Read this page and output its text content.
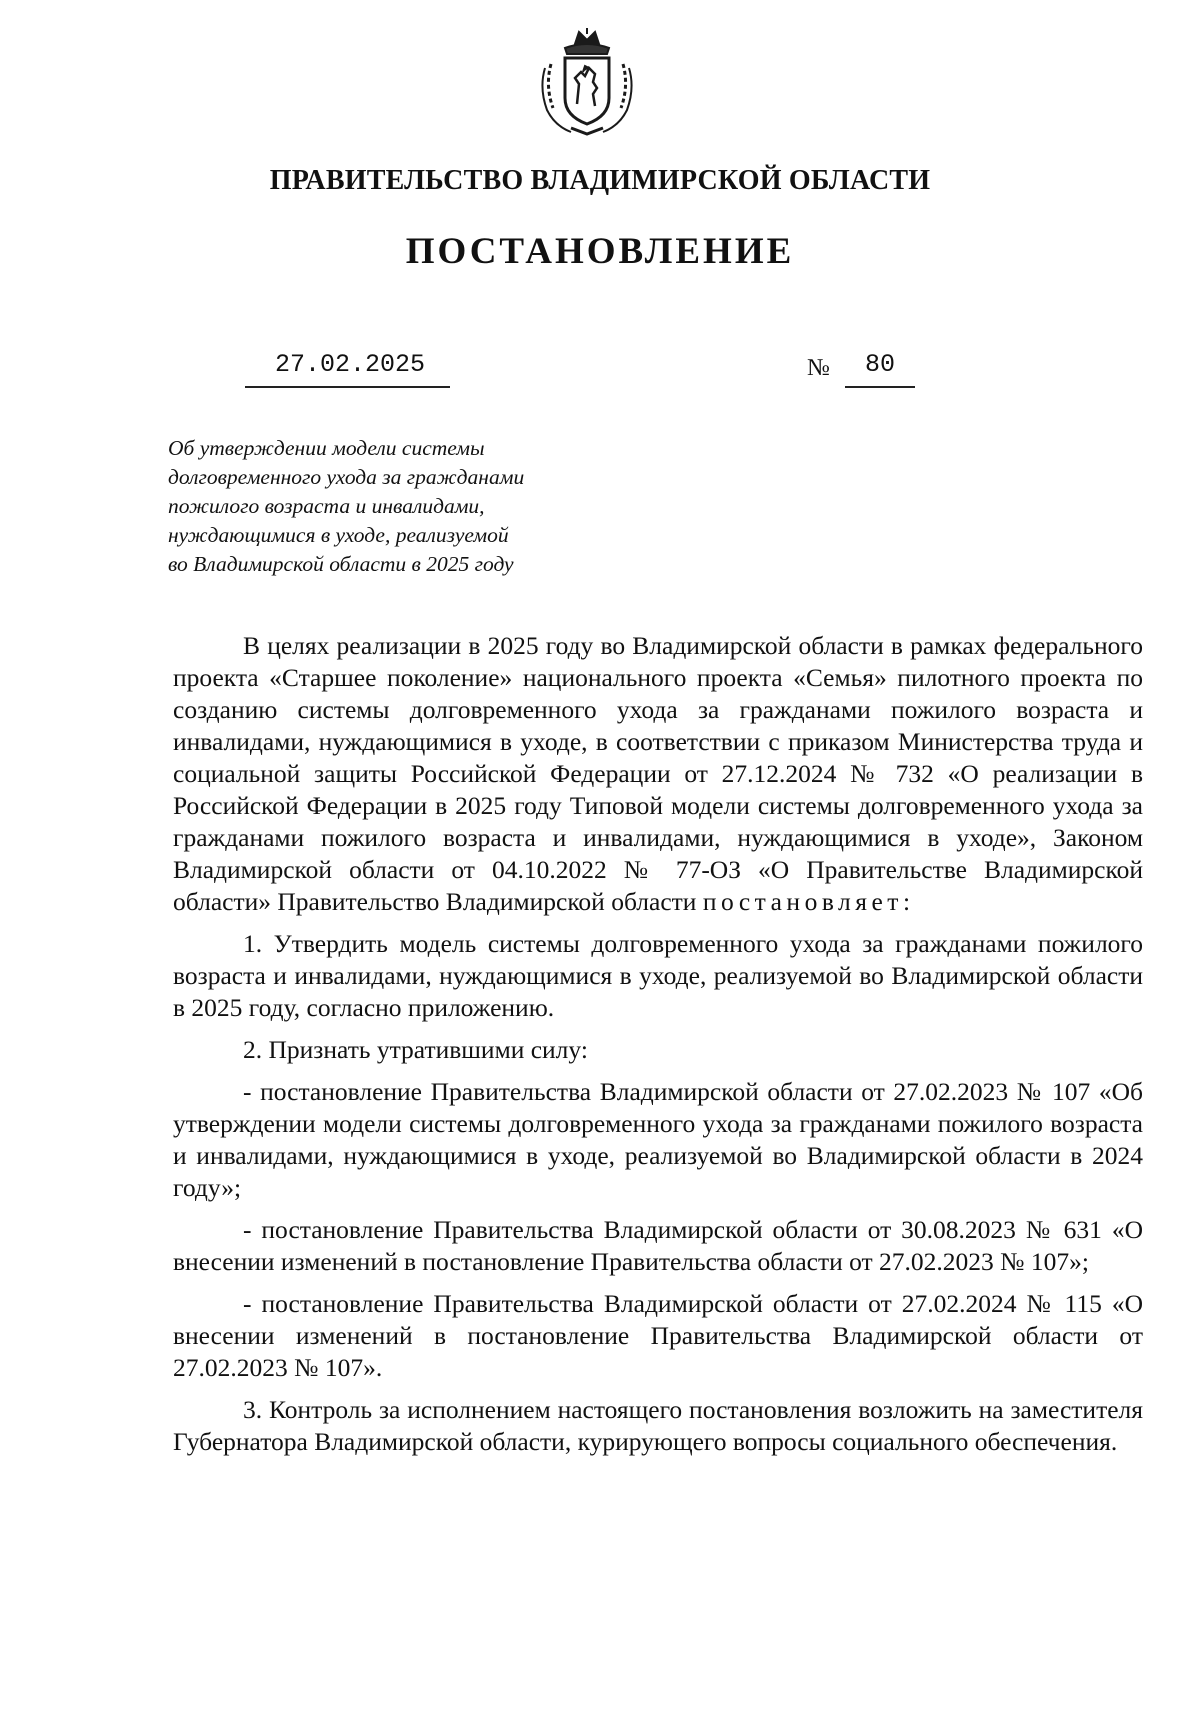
ПРАВИТЕЛЬСТВО ВЛАДИМИРСКОЙ ОБЛАСТИ
ПОСТАНОВЛЕНИЕ
27.02.2025	№	80
Об утверждении модели системы
долговременного ухода за гражданами
пожилого возраста и инвалидами,
нуждающимися в уходе, реализуемой
во Владимирской области в 2025 году

В целях реализации в 2025 году во Владимирской области в рамках федерального проекта «Старшее поколение» национального проекта «Семья» пилотного проекта по созданию системы долговременного ухода за гражданами пожилого возраста и инвалидами, нуждающимися в уходе, в соответствии с приказом Министерства труда и социальной защиты Российской Федерации от 27.12.2024 № 732 «О реализации в Российской Федерации в 2025 году Типовой модели системы долговременного ухода за гражданами пожилого возраста и инвалидами, нуждающимися в уходе», Законом Владимирской области от 04.10.2022 № 77-ОЗ «О Правительстве Владимирской области» Правительство Владимирской области постановляет:

1. Утвердить модель системы долговременного ухода за гражданами пожилого возраста и инвалидами, нуждающимися в уходе, реализуемой во Владимирской области в 2025 году, согласно приложению.

2. Признать утратившими силу:

- постановление Правительства Владимирской области от 27.02.2023 № 107 «Об утверждении модели системы долговременного ухода за гражданами пожилого возраста и инвалидами, нуждающимися в уходе, реализуемой во Владимирской области в 2024 году»;

- постановление Правительства Владимирской области от 30.08.2023 № 631 «О внесении изменений в постановление Правительства области от 27.02.2023 № 107»;

- постановление Правительства Владимирской области от 27.02.2024 № 115 «О внесении изменений в постановление Правительства Владимирской области от 27.02.2023 № 107».

3. Контроль за исполнением настоящего постановления возложить на заместителя Губернатора Владимирской области, курирующего вопросы социального обеспечения.
